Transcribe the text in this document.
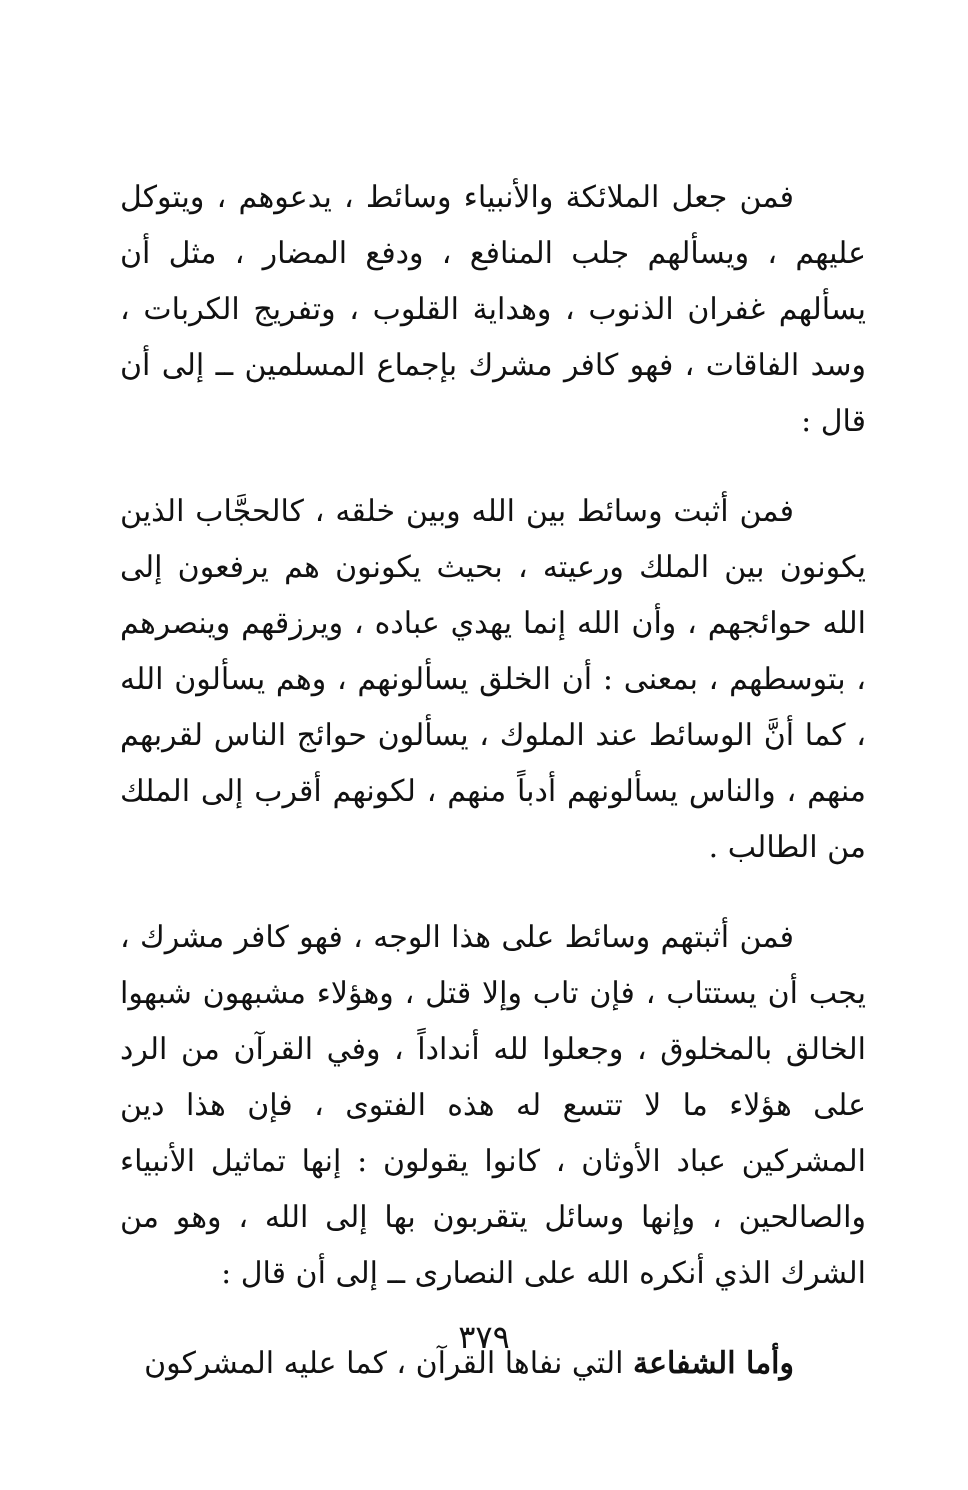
فمن جعل الملائكة والأنبياء وسائط ، يدعوهم ، ويتوكل عليهم ، ويسألهم جلب المنافع ، ودفع المضار ، مثل أن يسألهم غفران الذنوب ، وهداية القلوب ، وتفريج الكربات ، وسد الفاقات ، فهو كافر مشرك بإجماع المسلمين ــ إلى أن قال :

فمن أثبت وسائط بين الله وبين خلقه ، كالحجَّاب الذين يكونون بين الملك ورعيته ، بحيث يكونون هم يرفعون إلى الله حوائجهم ، وأن الله إنما يهدي عباده ، ويرزقهم وينصرهم ، بتوسطهم ، بمعنى : أن الخلق يسألونهم ، وهم يسألون الله ، كما أنَّ الوسائط عند الملوك ، يسألون حوائج الناس لقربهم منهم ، والناس يسألونهم أدباً منهم ، لكونهم أقرب إلى الملك من الطالب .

فمن أثبتهم وسائط على هذا الوجه ، فهو كافر مشرك ، يجب أن يستتاب ، فإن تاب وإلا قتل ، وهؤلاء مشبهون شبهوا الخالق بالمخلوق ، وجعلوا لله أنداداً ، وفي القرآن من الرد على هؤلاء ما لا تتسع له هذه الفتوى ، فإن هذا دين المشركين عباد الأوثان ، كانوا يقولون : إنها تماثيل الأنبياء والصالحين ، وإنها وسائل يتقربون بها إلى الله ، وهو من الشرك الذي أنكره الله على النصارى ــ إلى أن قال :

وأما الشفاعة التي نفاها القرآن ، كما عليه المشركون

٣٧٩
